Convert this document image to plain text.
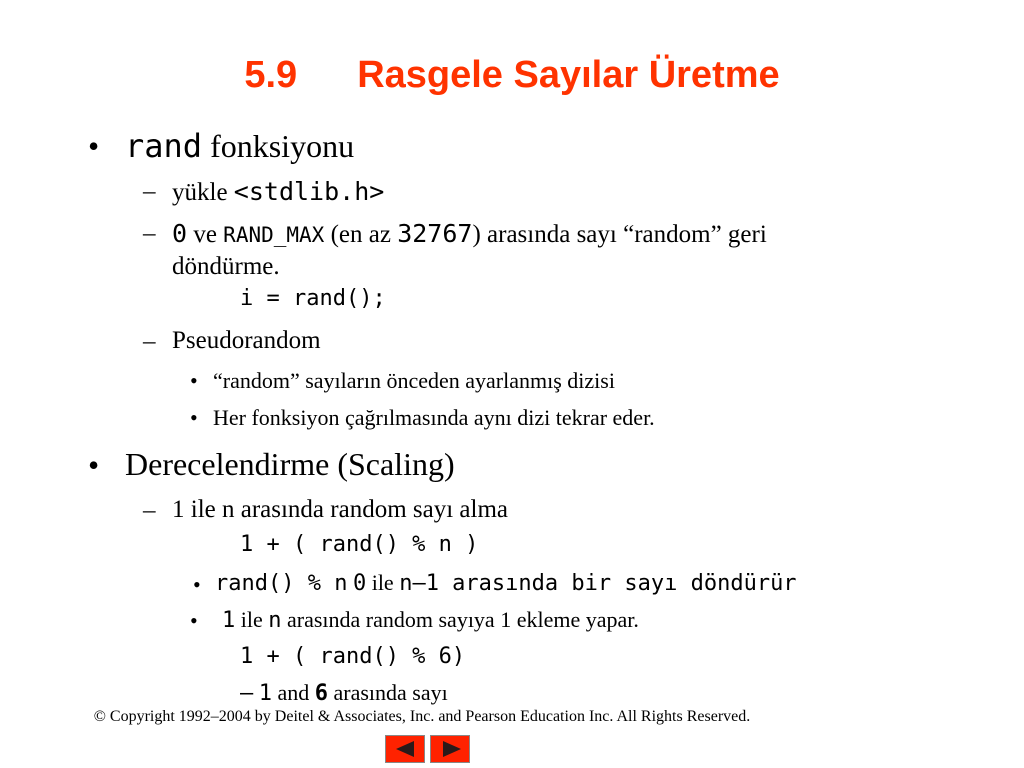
5.9 Rasgele Sayılar Üretme
• rand fonksiyonu
– yükle <stdlib.h>
– 0 ve RAND_MAX (en az 32767) arasında sayı “random” geri
döndürme.
i = rand();
– Pseudorandom
• “random” sayıların önceden ayarlanmış dizisi
• Her fonksiyon çağrılmasında aynı dizi tekrar eder.
• Derecelendirme (Scaling)
– 1 ile n arasında random sayı alma
1 + ( rand() % n )
• rand() % n 0 ile n–1 arasında bir sayı döndürür
• 1 ile n arasında random sayıya 1 ekleme yapar.
1 + ( rand() % 6)
– 1 and 6 arasında sayı
© Copyright 1992–2004 by Deitel & Associates, Inc. and Pearson Education Inc. All Rights Reserved.
